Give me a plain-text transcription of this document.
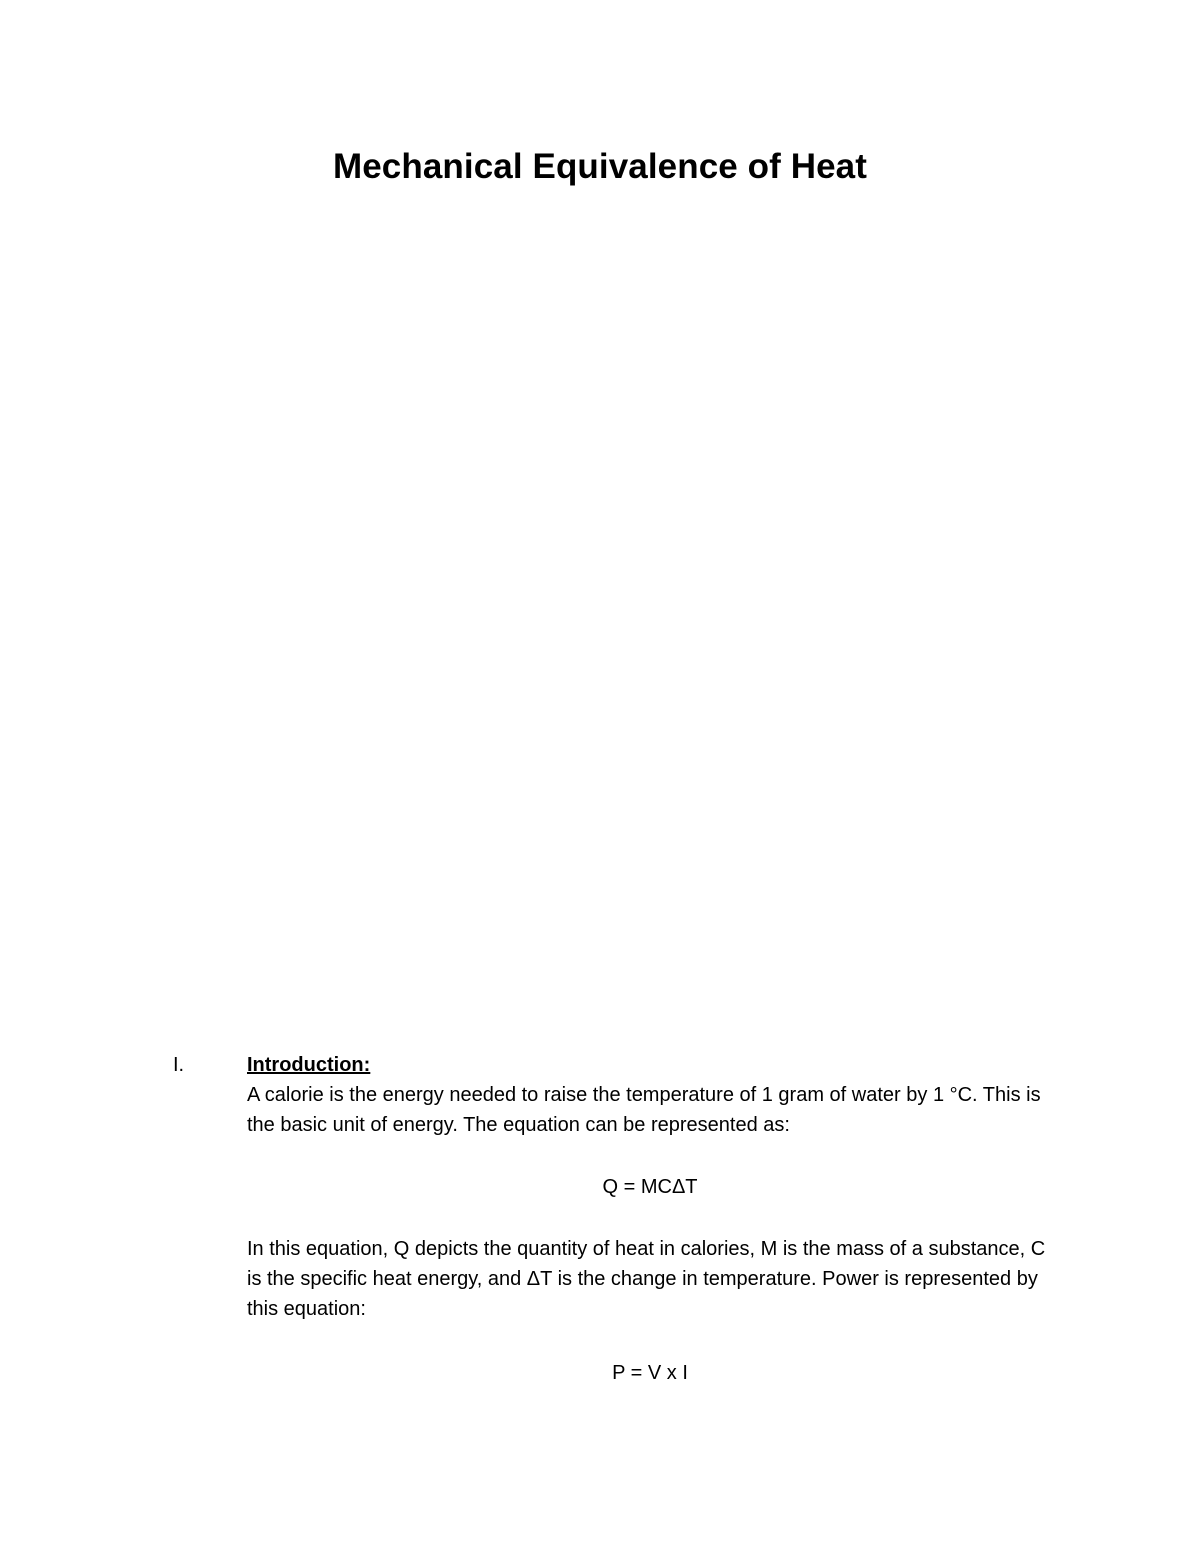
Mechanical Equivalence of Heat
I.	Introduction:

A calorie is the energy needed to raise the temperature of 1 gram of water by 1 °C. This is the basic unit of energy. The equation can be represented as:

Q = MCΔT

In this equation, Q depicts the quantity of heat in calories, M is the mass of a substance, C is the specific heat energy, and ΔT is the change in temperature. Power is represented by this equation:

P = V x I
